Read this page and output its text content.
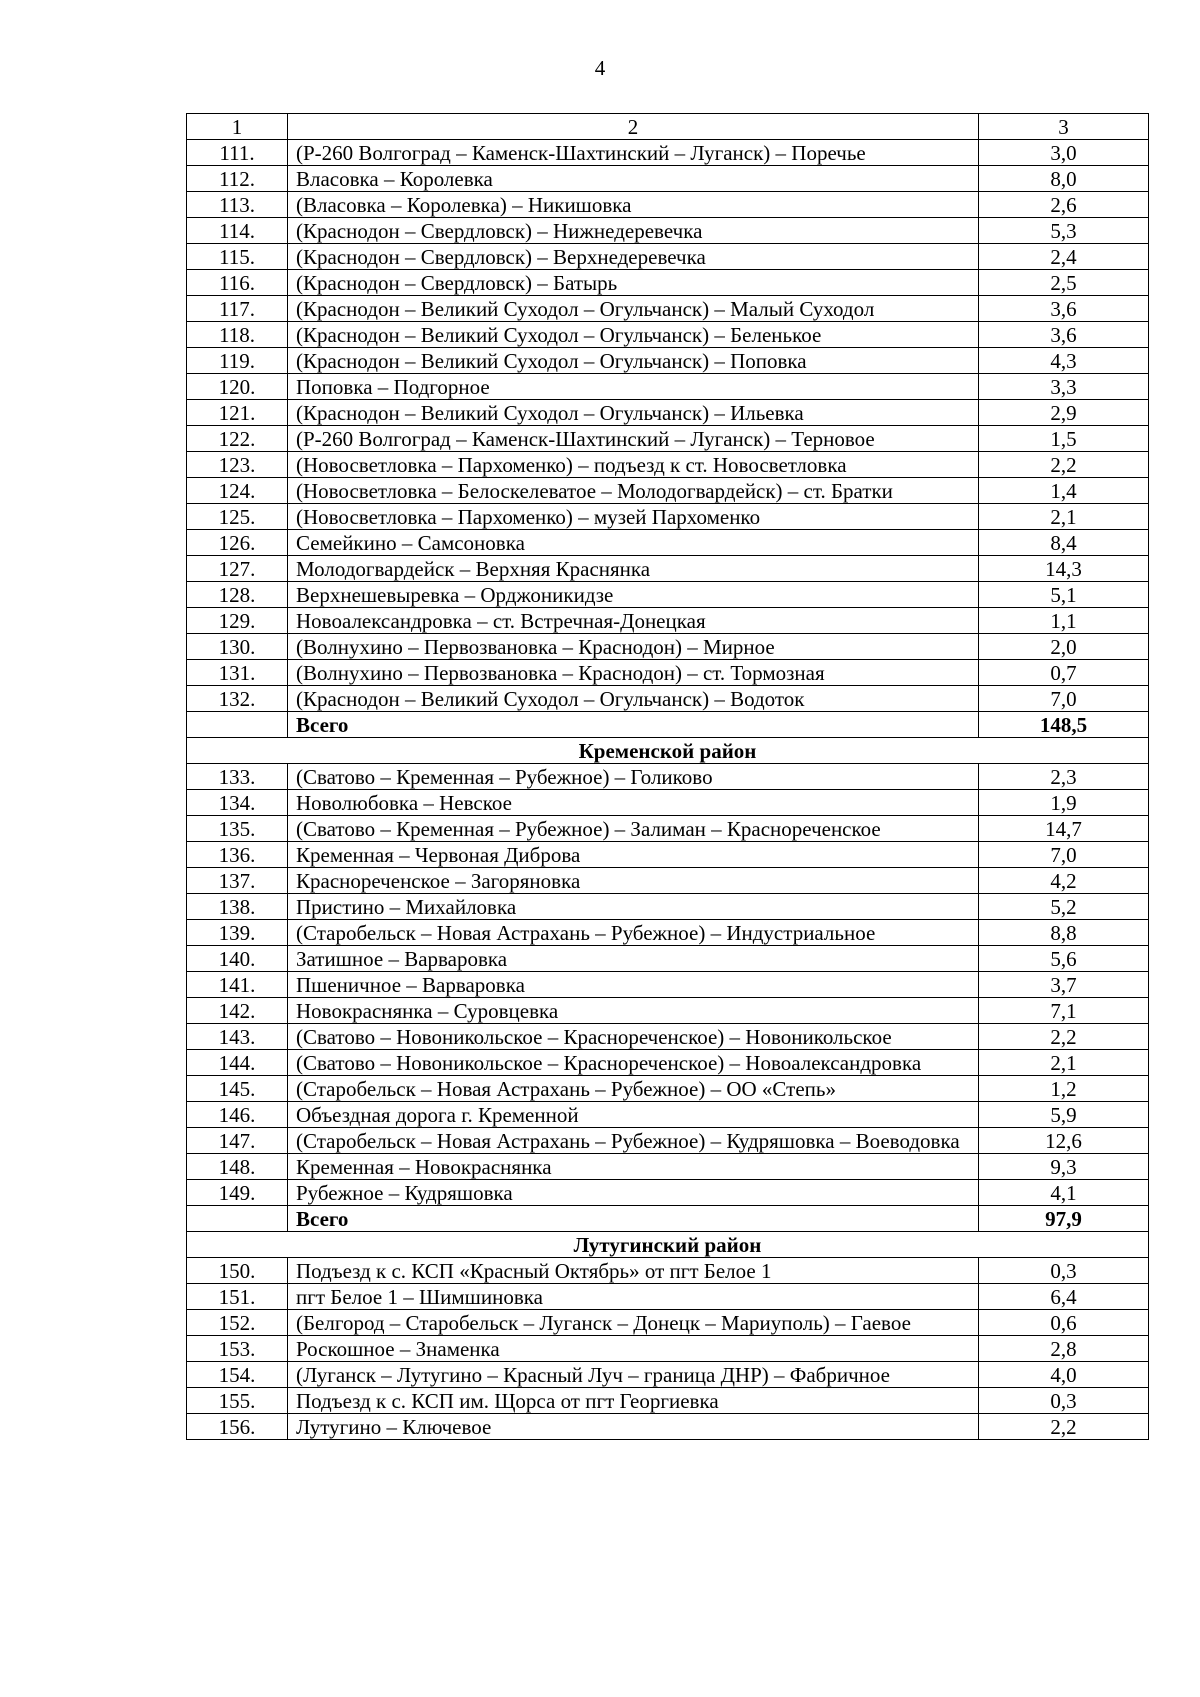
4
1	2	3
111.	(Р-260 Волгоград – Каменск-Шахтинский – Луганск) – Поречье	3,0
112.	Власовка – Королевка	8,0
113.	(Власовка – Королевка) – Никишовка	2,6
114.	(Краснодон – Свердловск) – Нижнедеревечка	5,3
115.	(Краснодон – Свердловск) – Верхнедеревечка	2,4
116.	(Краснодон – Свердловск) – Батырь	2,5
117.	(Краснодон – Великий Суходол – Огульчанск) – Малый Суходол	3,6
118.	(Краснодон – Великий Суходол – Огульчанск) – Беленькое	3,6
119.	(Краснодон – Великий Суходол – Огульчанск) – Поповка	4,3
120.	Поповка – Подгорное	3,3
121.	(Краснодон – Великий Суходол – Огульчанск) – Ильевка	2,9
122.	(Р-260 Волгоград – Каменск-Шахтинский – Луганск) – Терновое	1,5
123.	(Новосветловка – Пархоменко) – подъезд к ст. Новосветловка	2,2
124.	(Новосветловка – Белоскелеватое – Молодогвардейск) – ст. Братки	1,4
125.	(Новосветловка – Пархоменко) – музей Пархоменко	2,1
126.	Семейкино – Самсоновка	8,4
127.	Молодогвардейск – Верхняя Краснянка	14,3
128.	Верхнешевыревка – Орджоникидзе	5,1
129.	Новоалександровка – ст. Встречная-Донецкая	1,1
130.	(Волнухино – Первозвановка – Краснодон) – Мирное	2,0
131.	(Волнухино – Первозвановка – Краснодон) – ст. Тормозная	0,7
132.	(Краснодон – Великий Суходол – Огульчанск) – Водоток	7,0
	Всего	148,5
Кременской район		
133.	(Сватово – Кременная – Рубежное) – Голиково	2,3
134.	Новолюбовка – Невское	1,9
135.	(Сватово – Кременная – Рубежное) – Залиман – Краснореченское	14,7
136.	Кременная – Червоная Диброва	7,0
137.	Краснореченское – Загоряновка	4,2
138.	Пристино – Михайловка	5,2
139.	(Старобельск – Новая Астрахань – Рубежное) – Индустриальное	8,8
140.	Затишное – Варваровка	5,6
141.	Пшеничное – Варваровка	3,7
142.	Новокраснянка – Суровцевка	7,1
143.	(Сватово – Новоникольское – Краснореченское) – Новоникольское	2,2
144.	(Сватово – Новоникольское – Краснореченское) – Новоалександровка	2,1
145.	(Старобельск – Новая Астрахань – Рубежное) – ОО «Степь»	1,2
146.	Объездная дорога г. Кременной	5,9
147.	(Старобельск – Новая Астрахань – Рубежное) – Кудряшовка – Воеводовка	12,6
148.	Кременная – Новокраснянка	9,3
149.	Рубежное – Кудряшовка	4,1
	Всего	97,9
Лутугинский район		
150.	Подъезд к с. КСП «Красный Октябрь» от пгт Белое 1	0,3
151.	пгт Белое 1 – Шимшиновка	6,4
152.	(Белгород – Старобельск – Луганск – Донецк – Мариуполь) – Гаевое	0,6
153.	Роскошное – Знаменка	2,8
154.	(Луганск – Лутугино – Красный Луч – граница ДНР) – Фабричное	4,0
155.	Подъезд к с. КСП им. Щорса от пгт Георгиевка	0,3
156.	Лутугино – Ключевое	2,2
